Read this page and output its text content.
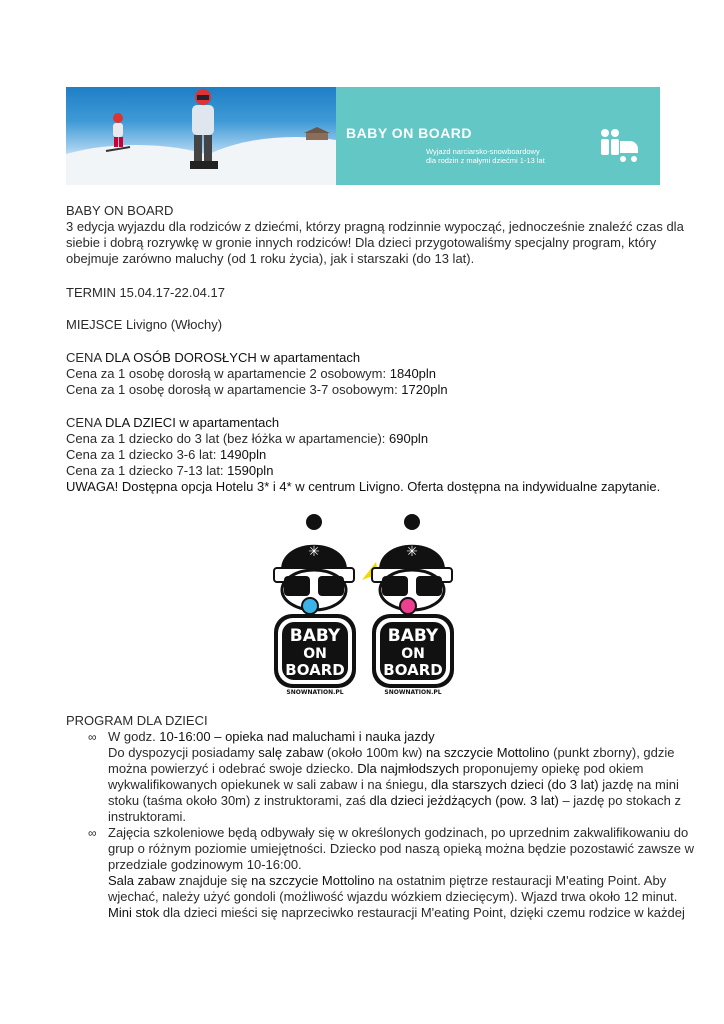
BABY ON BOARD
Wyjazd narciarsko-snowboardowy
dla rodzin z małymi dziećmi 1-13 lat
BABY ON BOARD
3 edycja wyjazdu dla rodziców z dziećmi, którzy pragną rodzinnie wypocząć, jednocześnie znaleźć czas dla
siebie i dobrą rozrywkę w gronie innych rodziców! Dla dzieci przygotowaliśmy specjalny program, który
obejmuje zarówno maluchy (od 1 roku życia), jak i starszaki (do 13 lat).
TERMIN 15.04.17-22.04.17
MIEJSCE Livigno (Włochy)
CENA DLA OSÓB DOROSŁYCH w apartamentach
Cena za 1 osobę dorosłą w apartamencie 2 osobowym: 1840pln
Cena za 1 osobę dorosłą w apartamencie 3-7 osobowym: 1720pln
CENA DLA DZIECI w apartamentach
Cena za 1 dziecko do 3 lat (bez łóżka w apartamencie): 690pln
Cena za 1 dziecko 3-6 lat: 1490pln
Cena za 1 dziecko 7-13 lat: 1590pln
UWAGA! Dostępna opcja Hotelu 3* i 4* w centrum Livigno. Oferta dostępna na indywidualne zapytanie.
✳
BABY
ON
BOARD
SNOWNATION.PL
✳
BABY
ON
BOARD
SNOWNATION.PL
PROGRAM DLA DZIECI
∞ W godz. 10-16:00 – opieka nad maluchami i nauka jazdy
Do dyspozycji posiadamy salę zabaw (około 100m kw) na szczycie Mottolino (punkt zborny), gdzie
można powierzyć i odebrać swoje dziecko. Dla najmłodszych proponujemy opiekę pod okiem
wykwalifikowanych opiekunek w sali zabaw i na śniegu, dla starszych dzieci (do 3 lat) jazdę na mini
stoku (taśma około 30m) z instruktorami, zaś dla dzieci jeżdżących (pow. 3 lat) – jazdę po stokach z
instruktorami.
∞ Zajęcia szkoleniowe będą odbywały się w określonych godzinach, po uprzednim zakwalifikowaniu do
grup o różnym poziomie umiejętności. Dziecko pod naszą opieką można będzie pozostawić zawsze w
przedziale godzinowym 10-16:00.
Sala zabaw znajduje się na szczycie Mottolino na ostatnim piętrze restauracji M'eating Point. Aby
wjechać, należy użyć gondoli (możliwość wjazdu wózkiem dziecięcym). Wjazd trwa około 12 minut.
Mini stok dla dzieci mieści się naprzeciwko restauracji M'eating Point, dzięki czemu rodzice w każdej
